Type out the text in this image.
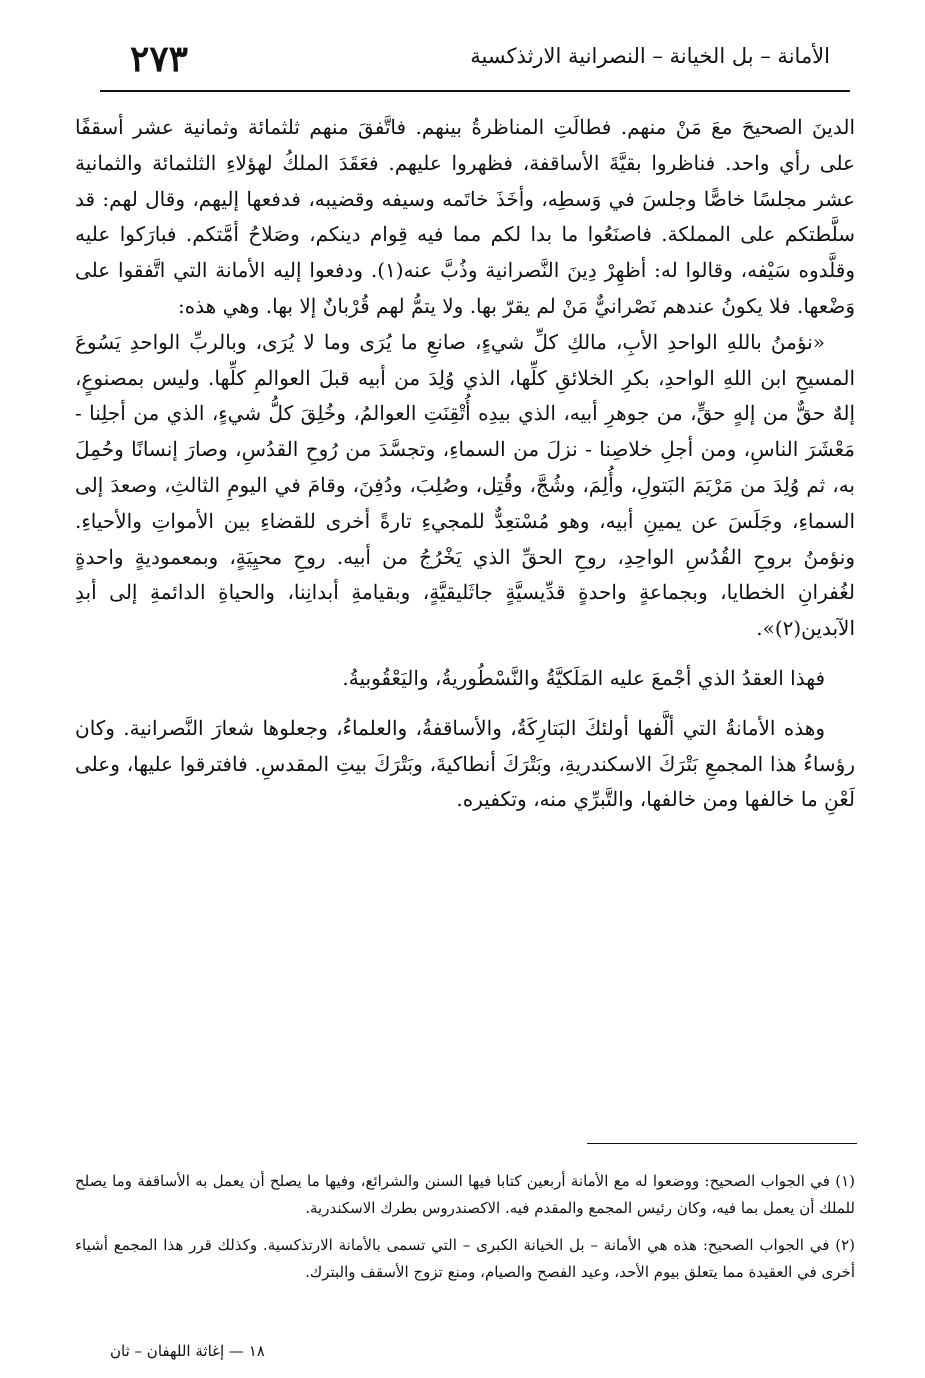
الأمانة – بل الخيانة – النصرانية الارثذكسية
٢٧٣

الدينَ الصحيحَ معَ مَنْ منهم. فطالَتِ المناظرةُ بينهم. فاتَّفقَ منهم ثلثمائة وثمانية عشر أسقفًا على رأي واحد. فناظروا بقيَّةَ الأساقفة، فظهروا عليهم. فعَقَدَ الملكُ لهؤلاءِ الثلثمائة والثمانية عشر مجلسًا خاصًّا وجلسَ في وَسطِه، وأخَذَ خاتَمه وسيفه وقضيبه، فدفعها إليهم، وقال لهم: قد سلَّطتكم على المملكة. فاصنَعُوا ما بدا لكم مما فيه قِوام دينكم، وصَلاحُ أمَّتكم. فبارَكوا عليه وقلَّدوه سَيْفه، وقالوا له: أظهِرْ دِينَ النَّصرانية وذُبَّ عنه(١). ودفعوا إليه الأمانة التي اتَّفقوا على وَضْعها. فلا يكونُ عندهم نَصْرانيٌّ مَنْ لم يقرّ بها. ولا يتمُّ لهم قُرْبانٌ إلا بها. وهي هذه:

«نؤمنُ باللهِ الواحدِ الأبِ، مالكِ كلِّ شيءٍ، صانعِ ما يُرَى وما لا يُرَى، وبالربِّ الواحدِ يَسُوعَ المسيحِ ابن اللهِ الواحدِ، بكرِ الخلائقِ كلِّها، الذي وُلِدَ من أبيه قبلَ العوالمِ كلِّها. وليس بمصنوعٍ، إلهٌ حقٌّ من إلهٍ حقٍّ، من جوهرِ أبيه، الذي بيدِه أُتْقِنَتِ العوالمُ، وخُلِقَ كلُّ شيءٍ، الذي من أجلِنا - مَعْشَرَ الناسِ، ومن أجلِ خلاصِنا - نزلَ من السماءِ، وتجسَّدَ من رُوحِ القدُسِ، وصارَ إنسانًا وحُمِلَ به، ثم وُلِدَ من مَرْيَمَ البَتولِ، وأُلِمَ، وشُجَّ، وقُتِل، وصُلِبَ، ودُفِنَ، وقامَ في اليومِ الثالثِ، وصعدَ إلى السماءِ، وجَلَسَ عن يمينِ أبيه، وهو مُسْتعِدٌّ للمجيءِ تارةً أخرى للقضاءِ بين الأمواتِ والأحياءِ. ونؤمنُ بروحِ القُدُسِ الواحِدِ، روحِ الحقِّ الذي يَخْرُجُ من أبيه. روحِ محيِيَةٍ، وبمعموديةٍ واحدةٍ لغُفرانِ الخطايا، وبجماعةٍ واحدةٍ قدِّيسيَّةٍ جاثَليقيَّةٍ، وبقيامةِ أبدانِنا، والحياةِ الدائمةِ إلى أبدِ الآبدين(٢)».

فهذا العقدُ الذي أجْمعَ عليه المَلَكيَّةُ والنَّسْطُوريةُ، واليَعْقُوبيةُ.

وهذه الأمانةُ التي ألَّفها أولئكَ البَتارِكَةُ، والأساقفةُ، والعلماءُ، وجعلوها شعارَ النَّصرانية. وكان رؤساءُ هذا المجمعِ بَتْرَكَ الاسكندريةِ، وبَتْرَكَ أنطاكيةَ، وبَتْرَكَ بيتِ المقدسِ. فافترقوا عليها، وعلى لَعْنِ ما خالفها ومن خالفها، والتَّبرِّي منه، وتكفيره.

(١) في الجواب الصحيح: ووضعوا له مع الأمانة أربعين كتابا فيها السنن والشرائع، وفيها ما يصلح أن يعمل به الأساقفة وما يصلح للملك أن يعمل بما فيه، وكان رئيس المجمع والمقدم فيه. الاكصندروس بطرك الاسكندرية.

(٢) في الجواب الصحيح: هذه هي الأمانة – بل الخيانة الكبرى – التي تسمى بالأمانة الارتذكسية. وكذلك قرر هذا المجمع أشياء أخرى في العقيدة مما يتعلق بيوم الأحد، وعيد الفصح والصيام، ومنع تزوج الأسقف والبترك.

١٨ — إغاثة اللهفان – ثان
